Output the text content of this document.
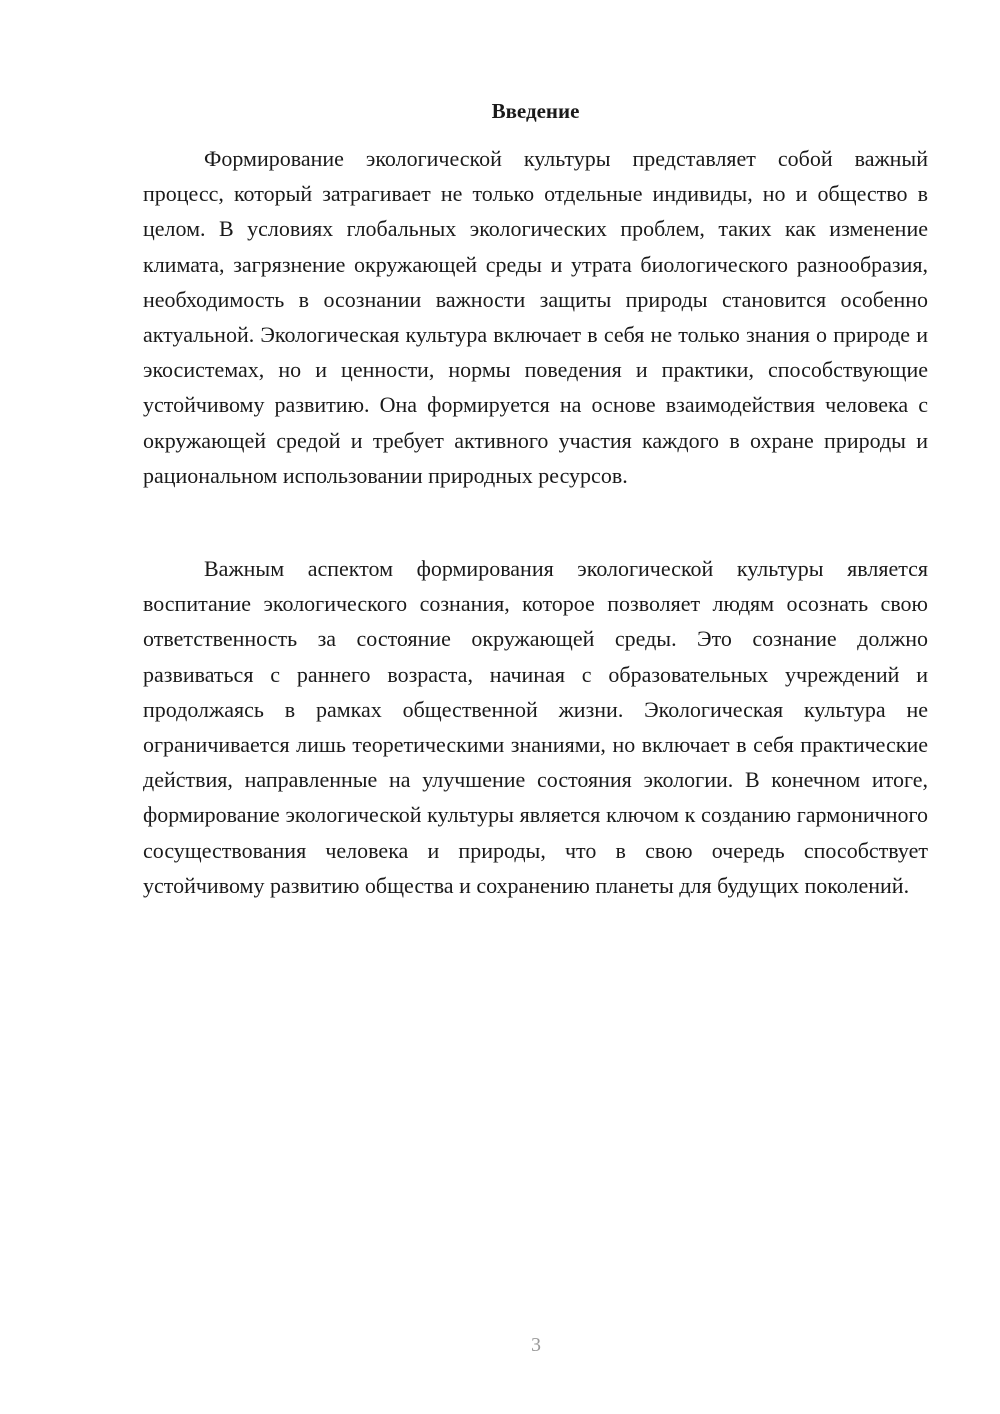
Введение

Формирование экологической культуры представляет собой важный процесс, который затрагивает не только отдельные индивиды, но и общество в целом. В условиях глобальных экологических проблем, таких как изменение климата, загрязнение окружающей среды и утрата биологического разнообразия, необходимость в осознании важности защиты природы становится особенно актуальной. Экологическая культура включает в себя не только знания о природе и экосистемах, но и ценности, нормы поведения и практики, способствующие устойчивому развитию. Она формируется на основе взаимодействия человека с окружающей средой и требует активного участия каждого в охране природы и рациональном использовании природных ресурсов.

Важным аспектом формирования экологической культуры является воспитание экологического сознания, которое позволяет людям осознать свою ответственность за состояние окружающей среды. Это сознание должно развиваться с раннего возраста, начиная с образовательных учреждений и продолжаясь в рамках общественной жизни. Экологическая культура не ограничивается лишь теоретическими знаниями, но включает в себя практические действия, направленные на улучшение состояния экологии. В конечном итоге, формирование экологической культуры является ключом к созданию гармоничного сосуществования человека и природы, что в свою очередь способствует устойчивому развитию общества и сохранению планеты для будущих поколений.

3
